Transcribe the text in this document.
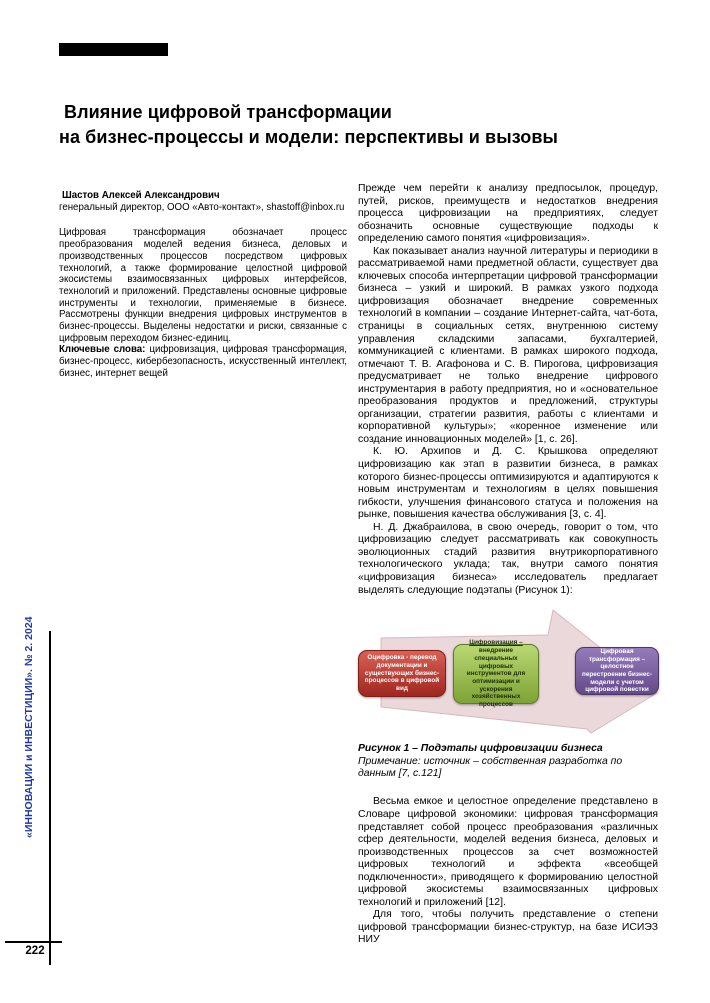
Влияние цифровой трансформации
на бизнес-процессы и модели: перспективы и вызовы
Шастов Алексей Александрович
генеральный директор, ООО «Авто-контакт», shastoff@inbox.ru
Цифровая трансформация обозначает процесс преобразования моделей ведения бизнеса, деловых и производственных процессов посредством цифровых технологий, а также формирование целостной цифровой экосистемы взаимосвязанных цифровых интерфейсов, технологий и приложений. Представлены основные цифровые инструменты и технологии, применяемые в бизнесе. Рассмотрены функции внедрения цифровых инструментов в бизнес-процессы. Выделены недостатки и риски, связанные с цифровым переходом бизнес-единиц.
Ключевые слова: цифровизация, цифровая трансформация, бизнес-процесс, кибербезопасность, искусственный интеллект, бизнес, интернет вещей

Прежде чем перейти к анализу предпосылок, процедур, путей, рисков, преимуществ и недостатков внедрения процесса цифровизации на предприятиях, следует обозначить основные существующие подходы к определению самого понятия «цифровизация».

Как показывает анализ научной литературы и периодики в рассматриваемой нами предметной области, существует два ключевых способа интерпретации цифровой трансформации бизнеса – узкий и широкий. В рамках узкого подхода цифровизация обозначает внедрение современных технологий в компании – создание Интернет-сайта, чат-бота, страницы в социальных сетях, внутреннюю систему управления складскими запасами, бухгалтерией, коммуникацией с клиентами. В рамках широкого подхода, отмечают Т. В. Агафонова и С. В. Пирогова, цифровизация предусматривает не только внедрение цифрового инструментария в работу предприятия, но и «основательное преобразования продуктов и предложений, структуры организации, стратегии развития, работы с клиентами и корпоративной культуры»; «коренное изменение или создание инновационных моделей» [1, с. 26].

К. Ю. Архипов и Д. С. Крышкова определяют цифровизацию как этап в развитии бизнеса, в рамках которого бизнес-процессы оптимизируются и адаптируются к новым инструментам и технологиям в целях повышения гибкости, улучшения финансового статуса и положения на рынке, повышения качества обслуживания [3, с. 4].

Н. Д. Джабраилова, в свою очередь, говорит о том, что цифровизацию следует рассматривать как совокупность эволюционных стадий развития внутрикорпоративного технологического уклада; так, внутри самого понятия «цифровизация бизнеса» исследователь предлагает выделять следующие подэтапы (Рисунок 1):

Оцифровка - перевод документации и существующих бизнес-процессов в цифровой вид
Цифровизация – внедрение специальных цифровых инструментов для оптимизации и ускорения хозяйственных процессов
Цифровая трансформация – целостное перестроение бизнес-модели с учетом цифровой повестки
Рисунок 1 – Подэтапы цифровизации бизнеса
Примечание: источник – собственная разработка по данным [7, с.121]

Весьма емкое и целостное определение представлено в Словаре цифровой экономики: цифровая трансформация представляет собой процесс преобразования «различных сфер деятельности, моделей ведения бизнеса, деловых и производственных процессов за счет возможностей цифровых технологий и эффекта «всеобщей подключенности», приводящего к формированию целостной цифровой экосистемы взаимосвязанных цифровых технологий и приложений [12].

Для того, чтобы получить представление о степени цифровой трансформации бизнес-структур, на базе ИСИЭЗ НИУ

«ИННОВАЦИИ и ИНВЕСТИЦИИ». № 2. 2024
222
